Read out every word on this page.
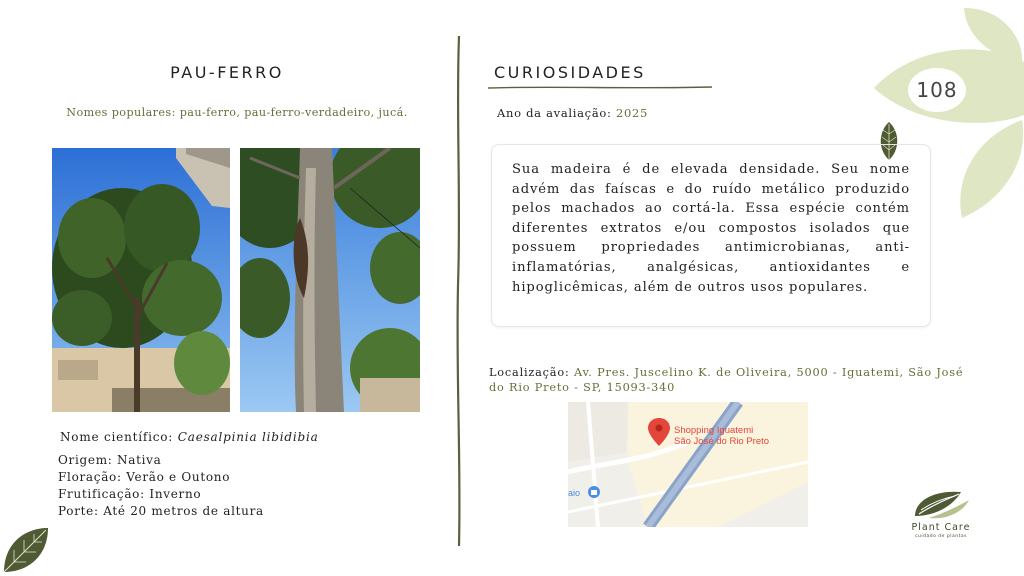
108
PAU-FERRO
Nomes populares: pau-ferro, pau-ferro-verdadeiro, jucá.
Nome científico: Caesalpinia libidibia
Origem: Nativa
Floração: Verão e Outono
Frutificação: Inverno
Porte: Até 20 metros de altura
CURIOSIDADES
Ano da avaliação: 2025
Sua madeira é de elevada densidade. Seu nome advém das faíscas e do ruído metálico produzido pelos machados ao cortá-la. Essa espécie contém diferentes extratos e/ou compostos isolados que possuem propriedades antimicrobianas, anti-inflamatórias, analgésicas, antioxidantes e hipoglicêmicas, além de outros usos populares.
Localização: Av. Pres. Juscelino K. de Oliveira, 5000 - Iguatemi, São José do Rio Preto - SP, 15093-340
Shopping Iguatemi
São José do Rio Preto
aio
Plant Care
cuidado de plantas
